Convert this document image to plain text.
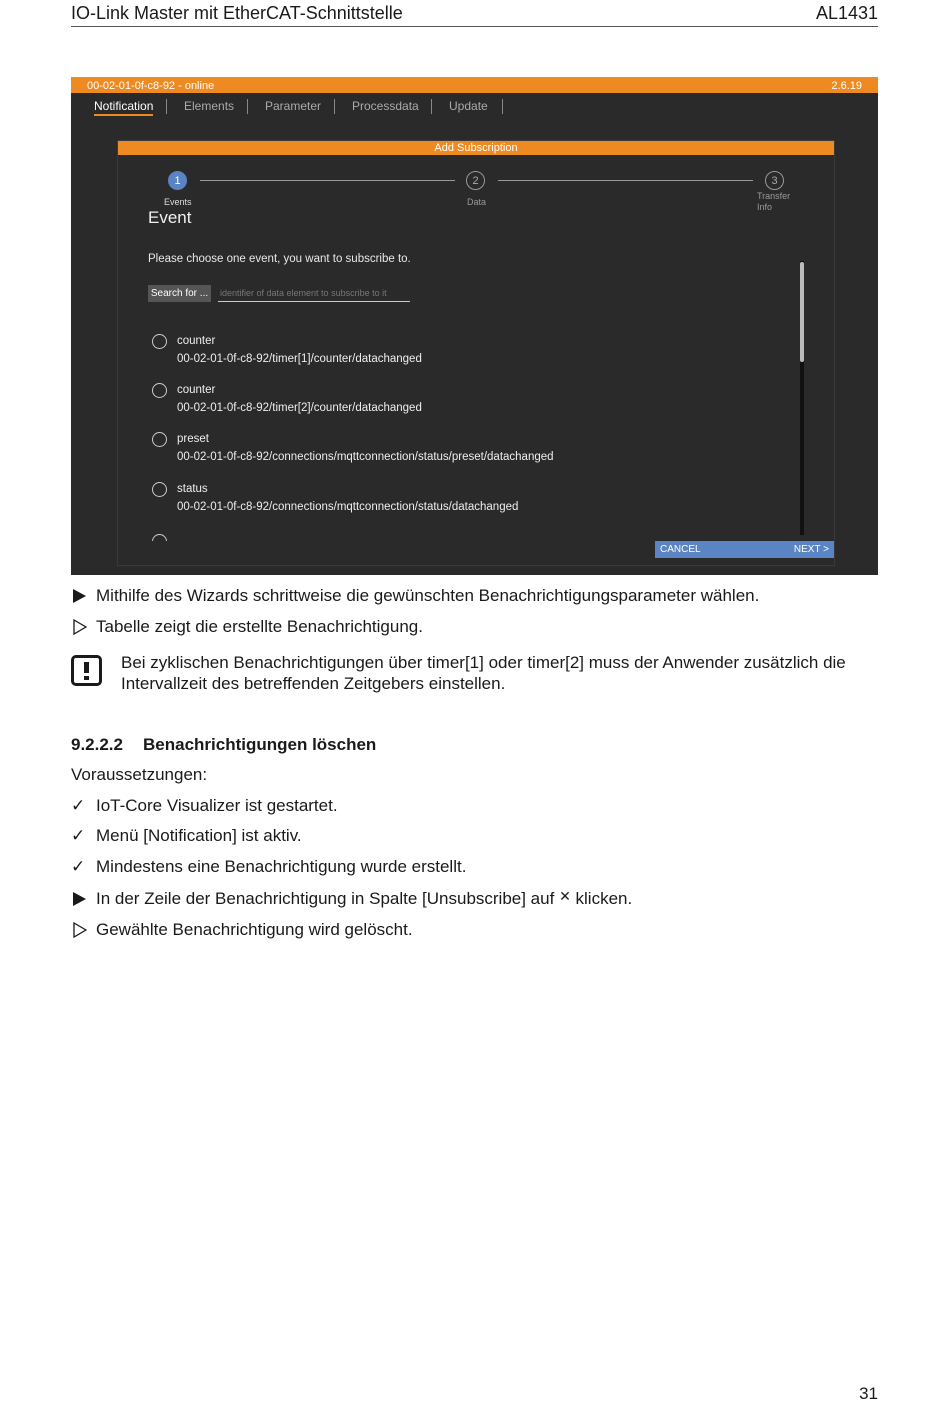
IO-Link Master mit EtherCAT-Schnittstelle	AL1431
00-02-01-0f-c8-92 - online	2.6.19
Notification	Elements	Parameter	Processdata	Update
Add Subscription
1	2	3
Events	Data
Transfer Info
Event
Please choose one event, you want to subscribe to.
Search for ...
identifier of data element to subscribe to it
counter
00-02-01-0f-c8-92/timer[1]/counter/datachanged
counter
00-02-01-0f-c8-92/timer[2]/counter/datachanged
preset
00-02-01-0f-c8-92/connections/mqttconnection/status/preset/datachanged
status
00-02-01-0f-c8-92/connections/mqttconnection/status/datachanged
CANCEL	NEXT >
Mithilfe des Wizards schrittweise die gewünschten Benachrichtigungsparameter wählen.
Tabelle zeigt die erstellte Benachrichtigung.
Bei zyklischen Benachrichtigungen über timer[1] oder timer[2] muss der Anwender zusätzlich die Intervallzeit des betreffenden Zeitgebers einstellen.
9.2.2.2 Benachrichtigungen löschen
Voraussetzungen:
✓ IoT-Core Visualizer ist gestartet.
✓ Menü [Notification] ist aktiv.
✓ Mindestens eine Benachrichtigung wurde erstellt.
In der Zeile der Benachrichtigung in Spalte [Unsubscribe] auf ✕ klicken.
Gewählte Benachrichtigung wird gelöscht.
31
